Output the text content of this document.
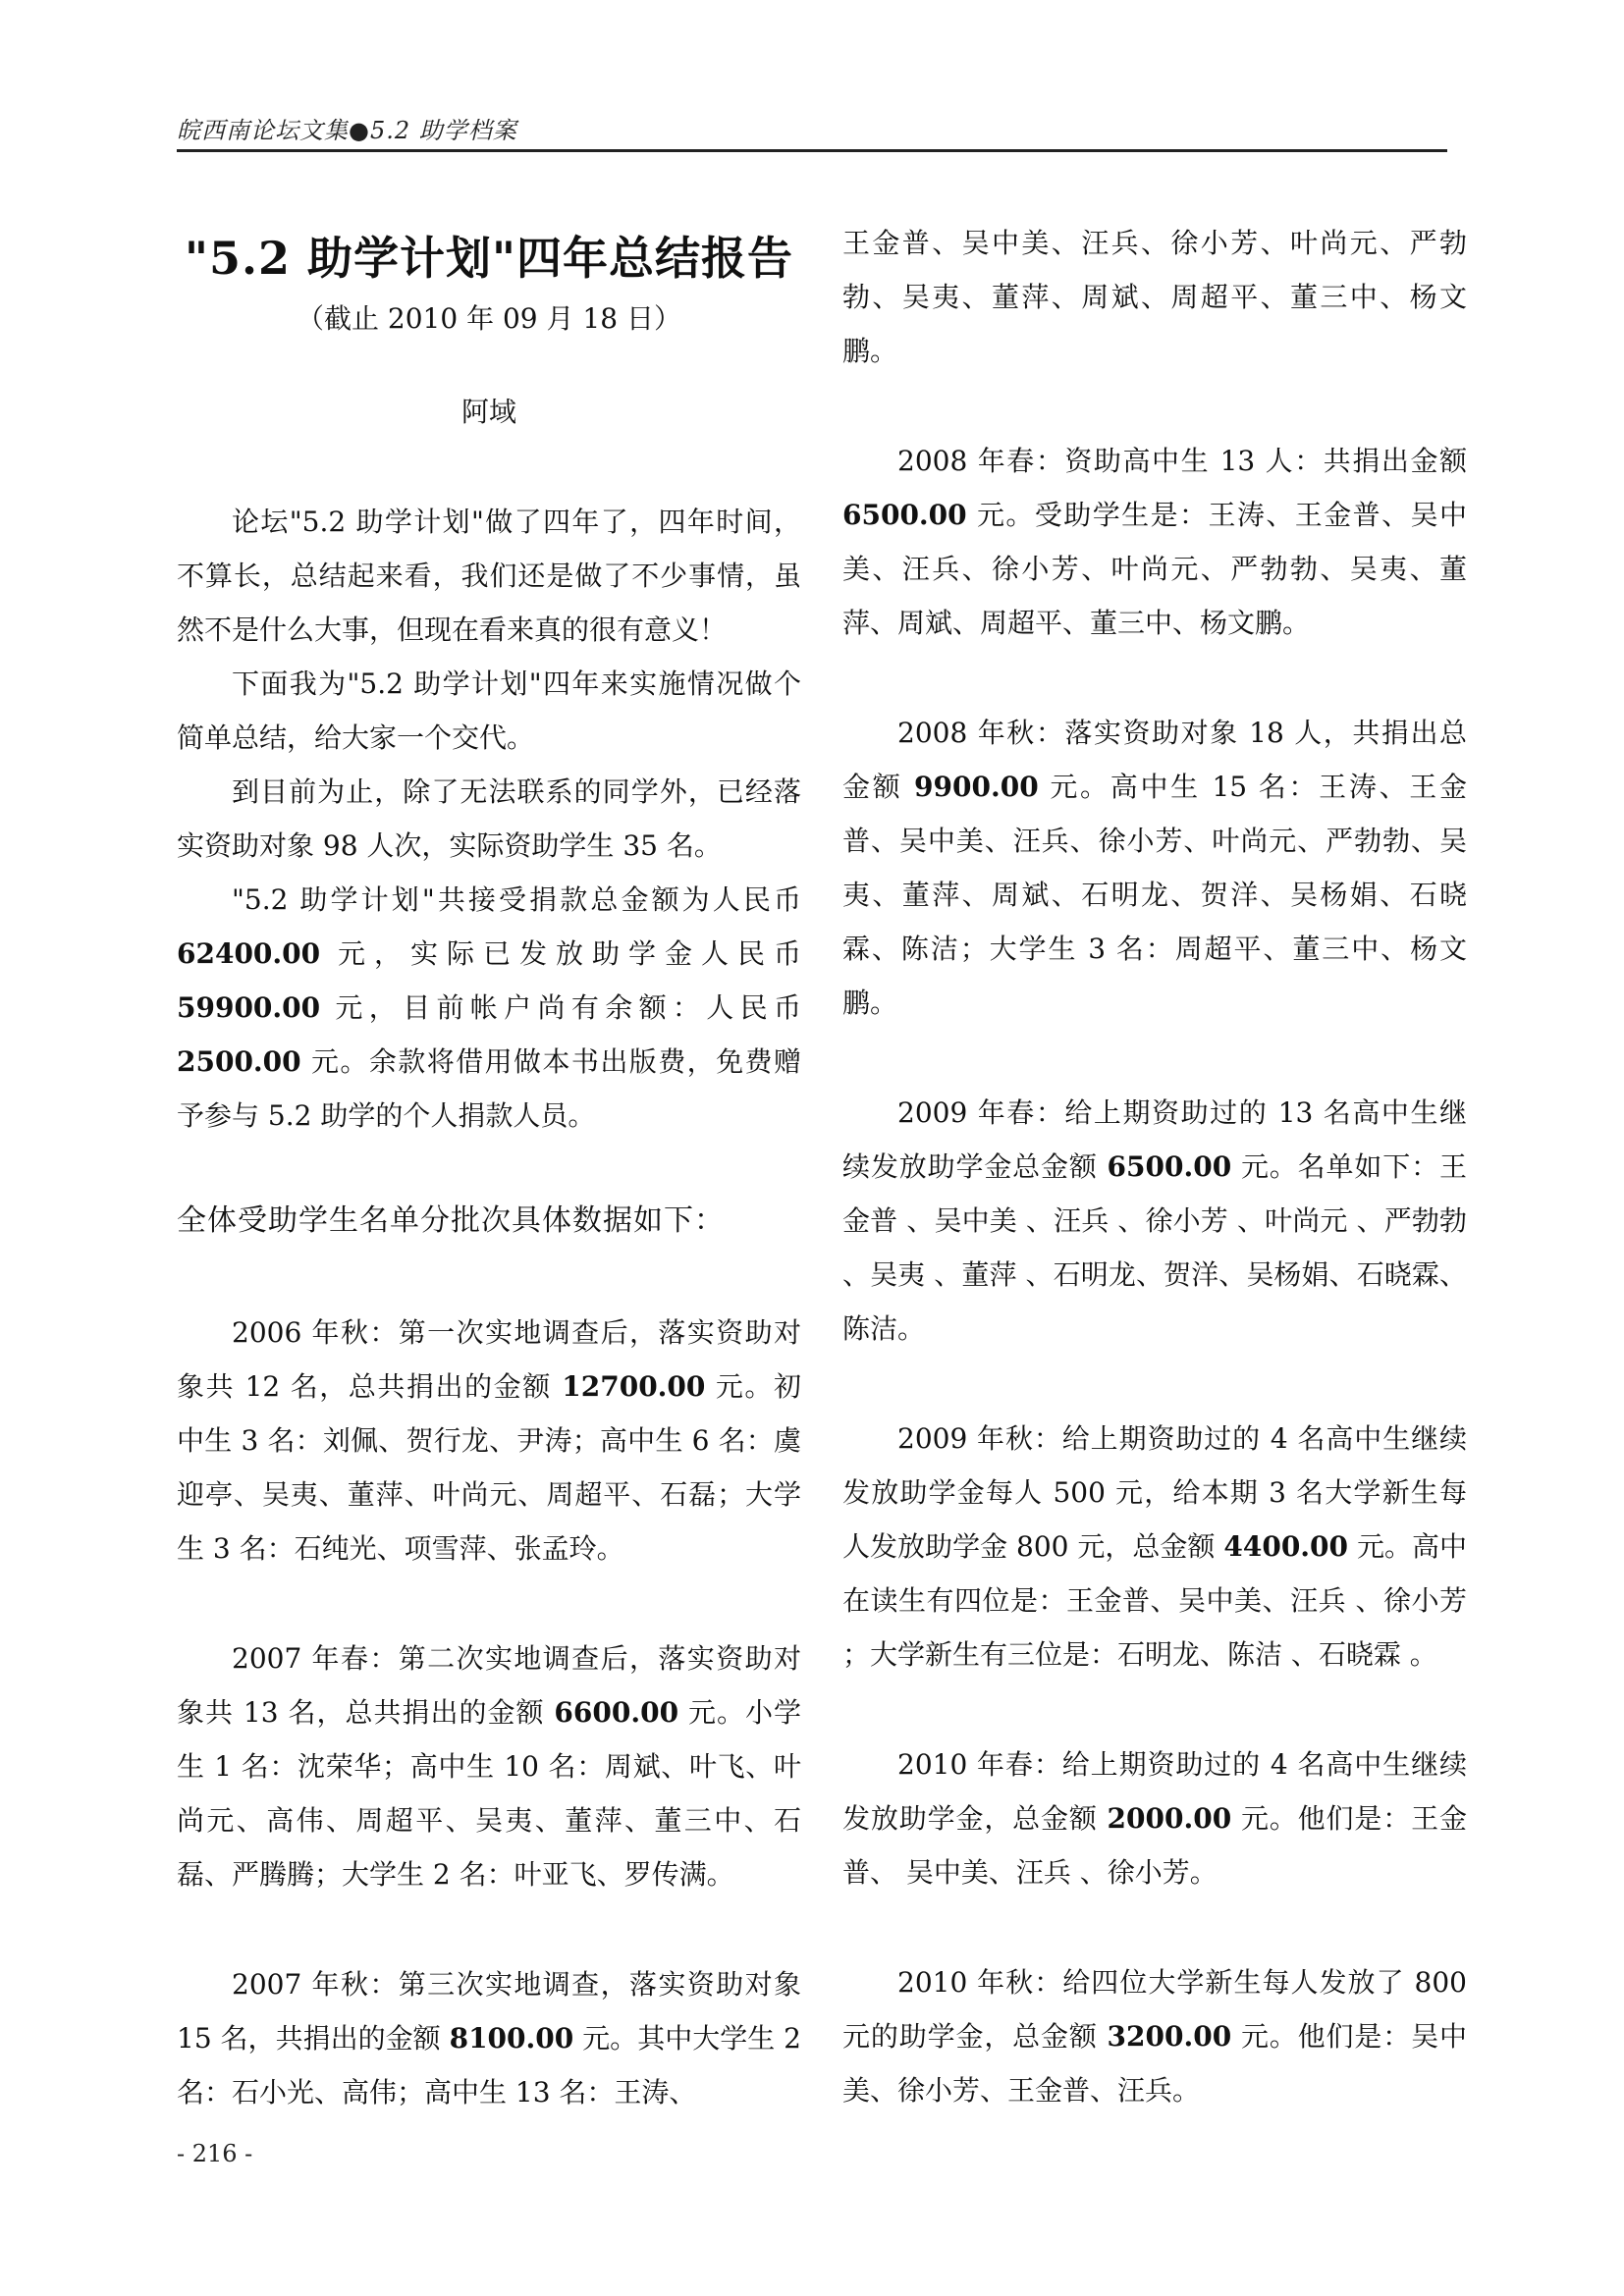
皖西南论坛文集●5.2 助学档案
"5.2 助学计划"四年总结报告
（截止 2010 年 09 月 18 日）
阿域

论坛"5.2 助学计划"做了四年了，四年时间，不算长，总结起来看，我们还是做了不少事情，虽然不是什么大事，但现在看来真的很有意义！

下面我为"5.2 助学计划"四年来实施情况做个简单总结，给大家一个交代。

到目前为止，除了无法联系的同学外，已经落实资助对象 98 人次，实际资助学生 35 名。

"5.2 助学计划"共接受捐款总金额为人民币62400.00 元，实际已发放助学金人民币 59900.00 元，目前帐户尚有余额：人民币 2500.00 元。余款将借用做本书出版费，免费赠予参与 5.2 助学的个人捐款人员。

全体受助学生名单分批次具体数据如下：

2006 年秋：第一次实地调查后，落实资助对象共 12 名，总共捐出的金额 12700.00 元。初中生 3 名：刘佩、贺行龙、尹涛；高中生 6 名：虞迎亭、吴夷、董萍、叶尚元、周超平、石磊；大学生 3 名：石纯光、项雪萍、张孟玲。

2007 年春：第二次实地调查后，落实资助对象共 13 名，总共捐出的金额 6600.00 元。小学生 1 名：沈荣华；高中生 10 名：周斌、叶飞、叶尚元、高伟、周超平、吴夷、董萍、董三中、石磊、严腾腾；大学生 2 名：叶亚飞、罗传满。

2007 年秋：第三次实地调查，落实资助对象 15 名，共捐出的金额 8100.00 元。其中大学生 2 名：石小光、高伟；高中生 13 名：王涛、

王金普、吴中美、汪兵、徐小芳、叶尚元、严勃勃、吴夷、董萍、周斌、周超平、董三中、杨文鹏。

2008 年春：资助高中生 13 人：共捐出金额 6500.00 元。受助学生是：王涛、王金普、吴中美、汪兵、徐小芳、叶尚元、严勃勃、吴夷、董萍、周斌、周超平、董三中、杨文鹏。

2008 年秋：落实资助对象 18 人，共捐出总金额 9900.00 元。高中生 15 名：王涛、王金普、吴中美、汪兵、徐小芳、叶尚元、严勃勃、吴夷、董萍、周斌、石明龙、贺洋、吴杨娟、石晓霖、陈洁；大学生 3 名：周超平、董三中、杨文鹏。

2009 年春：给上期资助过的 13 名高中生继续发放助学金总金额 6500.00 元。名单如下：王金普 、吴中美 、汪兵 、徐小芳 、叶尚元 、严勃勃 、吴夷 、董萍 、石明龙、贺洋、吴杨娟、石晓霖、陈洁。

2009 年秋：给上期资助过的 4 名高中生继续发放助学金每人 500 元，给本期 3 名大学新生每人发放助学金 800 元，总金额 4400.00 元。高中在读生有四位是：王金普、吴中美、汪兵 、徐小芳 ；大学新生有三位是：石明龙、陈洁 、石晓霖 。

2010 年春：给上期资助过的 4 名高中生继续发放助学金，总金额 2000.00 元。他们是：王金普、 吴中美、汪兵 、徐小芳。

2010 年秋：给四位大学新生每人发放了 800 元的助学金，总金额 3200.00 元。他们是：吴中美、徐小芳、王金普、汪兵。

- 216 -
